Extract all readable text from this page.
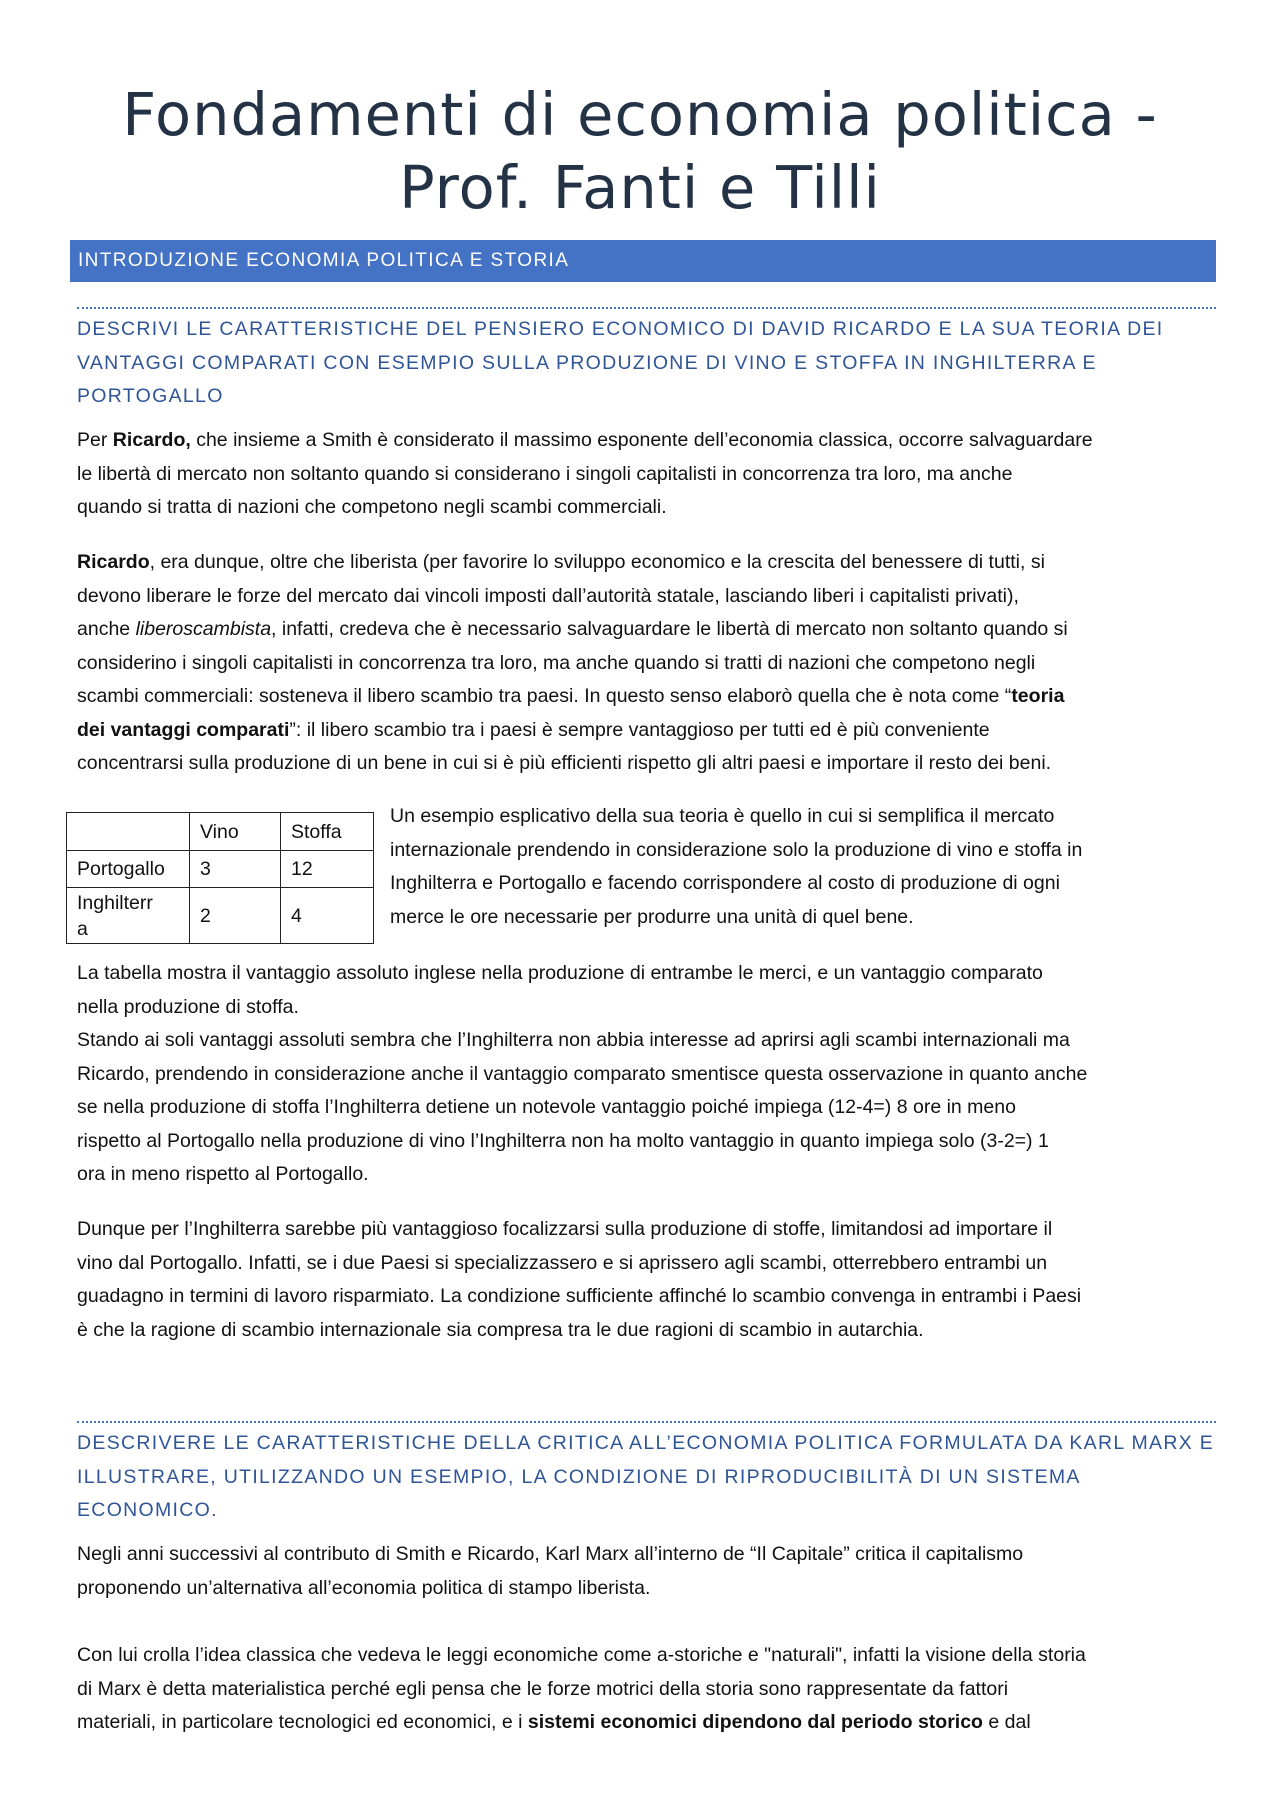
Fondamenti di economia politica -
Prof. Fanti e Tilli
INTRODUZIONE ECONOMIA POLITICA E STORIA
DESCRIVI LE CARATTERISTICHE DEL PENSIERO ECONOMICO DI DAVID RICARDO E LA SUA TEORIA DEI
VANTAGGI COMPARATI CON ESEMPIO SULLA PRODUZIONE DI VINO E STOFFA IN INGHILTERRA E
PORTOGALLO
Per Ricardo, che insieme a Smith è considerato il massimo esponente dell’economia classica, occorre salvaguardare
le libertà di mercato non soltanto quando si considerano i singoli capitalisti in concorrenza tra loro, ma anche
quando si tratta di nazioni che competono negli scambi commerciali.
Ricardo, era dunque, oltre che liberista (per favorire lo sviluppo economico e la crescita del benessere di tutti, si
devono liberare le forze del mercato dai vincoli imposti dall’autorità statale, lasciando liberi i capitalisti privati),
anche liberoscambista, infatti, credeva che è necessario salvaguardare le libertà di mercato non soltanto quando si
considerino i singoli capitalisti in concorrenza tra loro, ma anche quando si tratti di nazioni che competono negli
scambi commerciali: sosteneva il libero scambio tra paesi. In questo senso elaborò quella che è nota come “teoria
dei vantaggi comparati”: il libero scambio tra i paesi è sempre vantaggioso per tutti ed è più conveniente
concentrarsi sulla produzione di un bene in cui si è più efficienti rispetto gli altri paesi e importare il resto dei beni.
	Vino	Stoffa
Portogallo	3	12

Inghilterr
a	2	4
Un esempio esplicativo della sua teoria è quello in cui si semplifica il mercato
internazionale prendendo in considerazione solo la produzione di vino e stoffa in
Inghilterra e Portogallo e facendo corrispondere al costo di produzione di ogni
merce le ore necessarie per produrre una unità di quel bene.
La tabella mostra il vantaggio assoluto inglese nella produzione di entrambe le merci, e un vantaggio comparato
nella produzione di stoffa.
Stando ai soli vantaggi assoluti sembra che l’Inghilterra non abbia interesse ad aprirsi agli scambi internazionali ma
Ricardo, prendendo in considerazione anche il vantaggio comparato smentisce questa osservazione in quanto anche
se nella produzione di stoffa l’Inghilterra detiene un notevole vantaggio poiché impiega (12-4=) 8 ore in meno
rispetto al Portogallo nella produzione di vino l’Inghilterra non ha molto vantaggio in quanto impiega solo (3-2=) 1
ora in meno rispetto al Portogallo.
Dunque per l’Inghilterra sarebbe più vantaggioso focalizzarsi sulla produzione di stoffe, limitandosi ad importare il
vino dal Portogallo. Infatti, se i due Paesi si specializzassero e si aprissero agli scambi, otterrebbero entrambi un
guadagno in termini di lavoro risparmiato. La condizione sufficiente affinché lo scambio convenga in entrambi i Paesi
è che la ragione di scambio internazionale sia compresa tra le due ragioni di scambio in autarchia.
DESCRIVERE LE CARATTERISTICHE DELLA CRITICA ALL’ECONOMIA POLITICA FORMULATA DA KARL MARX E
ILLUSTRARE, UTILIZZANDO UN ESEMPIO, LA CONDIZIONE DI RIPRODUCIBILITÀ DI UN SISTEMA
ECONOMICO.
Negli anni successivi al contributo di Smith e Ricardo, Karl Marx all’interno de “Il Capitale” critica il capitalismo
proponendo un’alternativa all’economia politica di stampo liberista.
Con lui crolla l’idea classica che vedeva le leggi economiche come a-storiche e "naturali", infatti la visione della storia
di Marx è detta materialistica perché egli pensa che le forze motrici della storia sono rappresentate da fattori
materiali, in particolare tecnologici ed economici, e i sistemi economici dipendono dal periodo storico e dal
